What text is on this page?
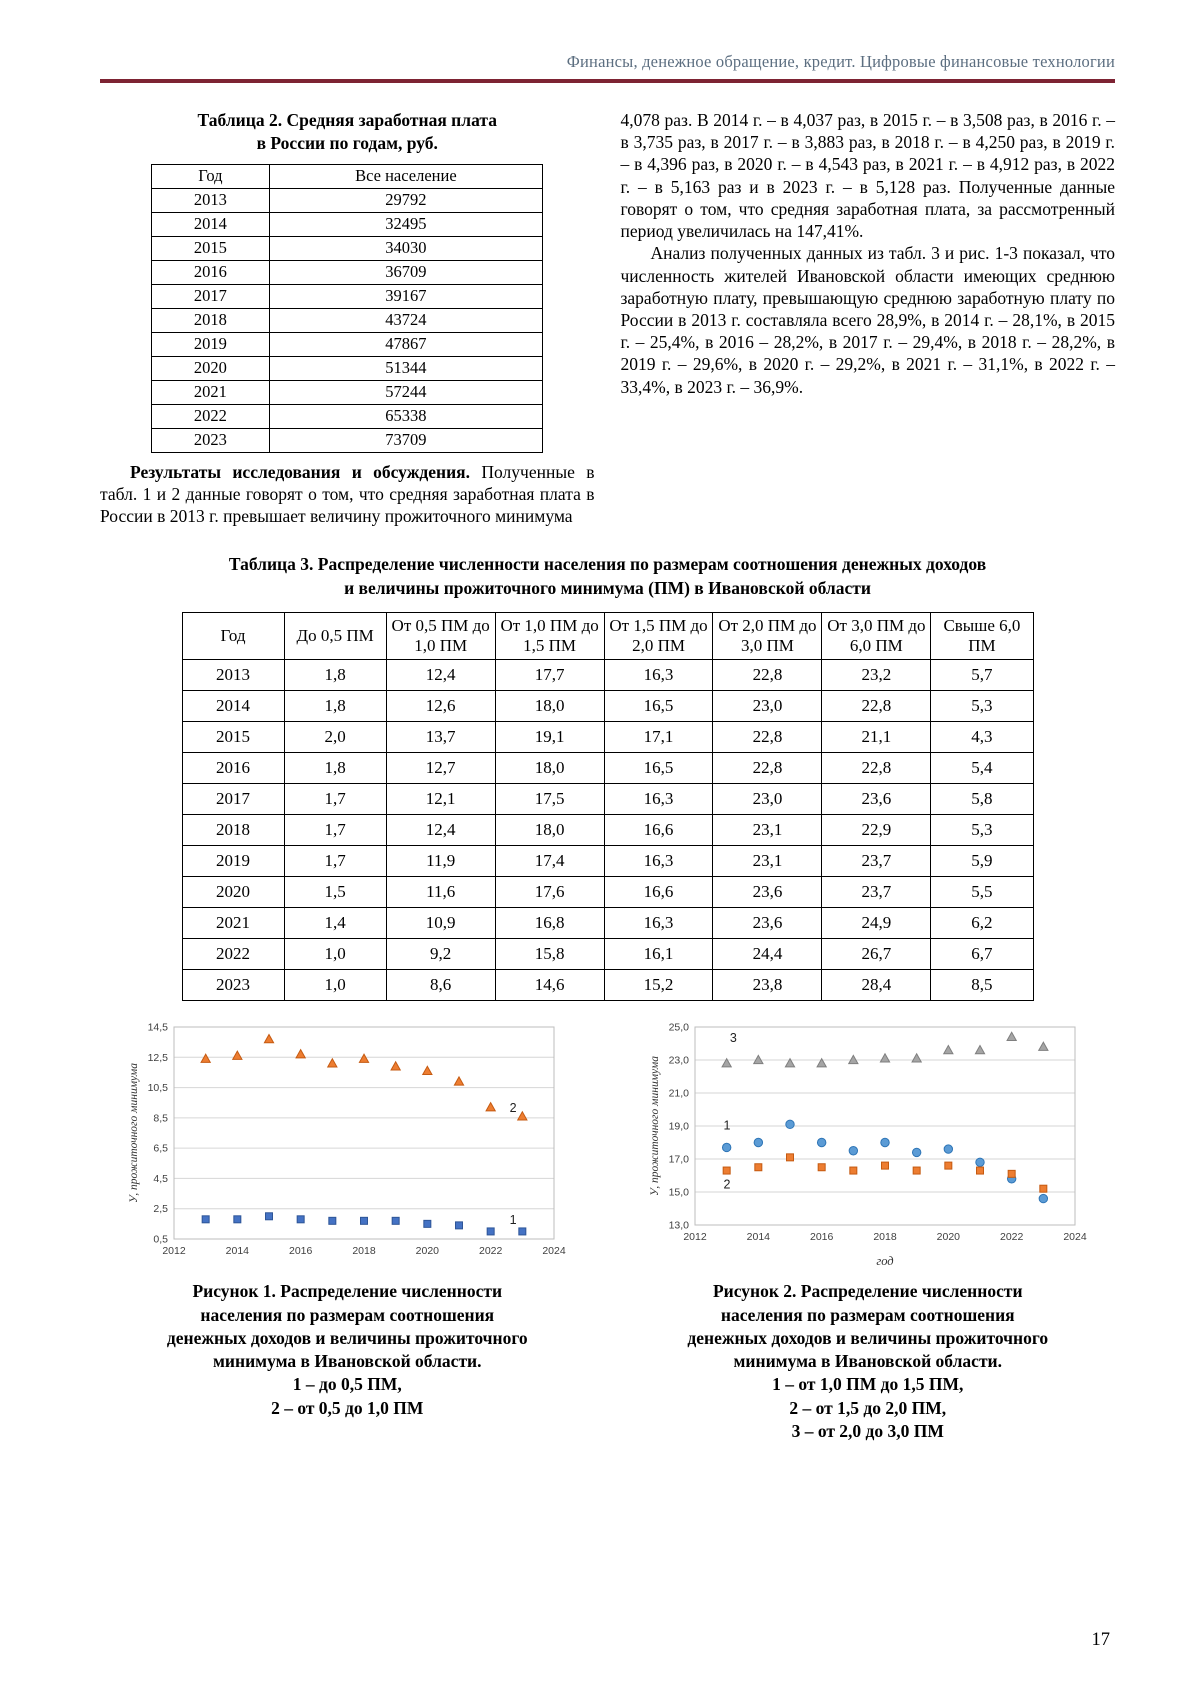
Финансы, денежное обращение, кредит. Цифровые финансовые технологии
Таблица 2. Средняя заработная плата
в России по годам, руб.
Год	Все население
2013	29792
2014	32495
2015	34030
2016	36709
2017	39167
2018	43724
2019	47867
2020	51344
2021	57244
2022	65338
2023	73709

Результаты исследования и обсуждения. Полученные в табл. 1 и 2 данные говорят о том, что средняя заработная плата в России в 2013 г. превышает величину прожиточного минимума

4,078 раз. В 2014 г. – в 4,037 раз, в 2015 г. – в 3,508 раз, в 2016 г. – в 3,735 раз, в 2017 г. – в 3,883 раз, в 2018 г. – в 4,250 раз, в 2019 г. – в 4,396 раз, в 2020 г. – в 4,543 раз, в 2021 г. – в 4,912 раз, в 2022 г. – в 5,163 раз и в 2023 г. – в 5,128 раз. Полученные данные говорят о том, что средняя заработная плата, за рассмотренный период увеличилась на 147,41%.

Анализ полученных данных из табл. 3 и рис. 1-3 показал, что численность жителей Ивановской области имеющих среднюю заработную плату, превышающую среднюю заработную плату по России в 2013 г. составляла всего 28,9%, в 2014 г. – 28,1%, в 2015 г. – 25,4%, в 2016 – 28,2%, в 2017 г. – 29,4%, в 2018 г. – 28,2%, в 2019 г. – 29,6%, в 2020 г. – 29,2%, в 2021 г. – 31,1%, в 2022 г. – 33,4%, в 2023 г. – 36,9%.

Таблица 3. Распределение численности населения по размерам соотношения денежных доходов
и величины прожиточного минимума (ПМ) в Ивановской области
Год	До 0,5 ПМ	От 0,5 ПМ до 1,0 ПМ	От 1,0 ПМ до 1,5 ПМ	От 1,5 ПМ до 2,0 ПМ	От 2,0 ПМ до 3,0 ПМ	От 3,0 ПМ до 6,0 ПМ	Свыше 6,0 ПМ
2013	1,8	12,4	17,7	16,3	22,8	23,2	5,7
2014	1,8	12,6	18,0	16,5	23,0	22,8	5,3
2015	2,0	13,7	19,1	17,1	22,8	21,1	4,3
2016	1,8	12,7	18,0	16,5	22,8	22,8	5,4
2017	1,7	12,1	17,5	16,3	23,0	23,6	5,8
2018	1,7	12,4	18,0	16,6	23,1	22,9	5,3
2019	1,7	11,9	17,4	16,3	23,1	23,7	5,9
2020	1,5	11,6	17,6	16,6	23,6	23,7	5,5
2021	1,4	10,9	16,8	16,3	23,6	24,9	6,2
2022	1,0	9,2	15,8	16,1	24,4	26,7	6,7
2023	1,0	8,6	14,6	15,2	23,8	28,4	8,5
0,5
2,5
4,5
6,5
8,5
10,5
12,5
14,5
2012	2014	2016	2018	2020	2022	2024
2
1
У, прожиточного минимума
Рисунок 1. Распределение численности
населения по размерам соотношения
денежных доходов и величины прожиточного
минимума в Ивановской области.
1 – до 0,5 ПМ,
2 – от 0,5 до 1,0 ПМ
13,0
15,0
17,0
19,0
21,0
23,0
25,0
2012	2014	2016	2018	2020	2022	2024
3
1
2
У, прожиточного минимума
год
Рисунок 2. Распределение численности
населения по размерам соотношения
денежных доходов и величины прожиточного
минимума в Ивановской области.
1 – от 1,0 ПМ до 1,5 ПМ,
2 – от 1,5 до 2,0 ПМ,
3 – от 2,0 до 3,0 ПМ
17
